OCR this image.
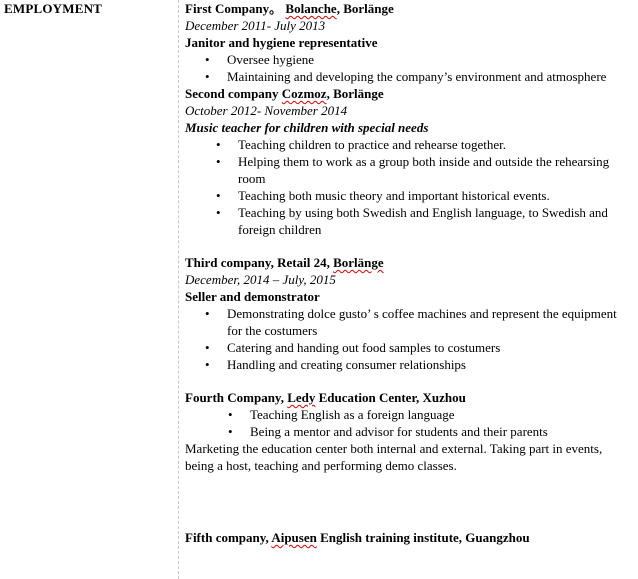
EMPLOYMENT	First Company。 Bolanche, Borlänge
December 2011- July 2013
Janitor and hygiene representative
• Oversee hygiene
• Maintaining and developing the company’s environment and atmosphere
Second company Cozmoz, Borlänge
October 2012- November 2014
Music teacher for children with special needs
• Teaching children to practice and rehearse together.
• Helping them to work as a group both inside and outside the rehearsing room
• Teaching both music theory and important historical events.
• Teaching by using both Swedish and English language, to Swedish and foreign children
Third company, Retail 24, Borlänge
December, 2014 – July, 2015
Seller and demonstrator
• Demonstrating dolce gusto’ s coffee machines and represent the equipment for the costumers
• Catering and handing out food samples to costumers
• Handling and creating consumer relationships
Fourth Company, Ledy Education Center, Xuzhou
• Teaching English as a foreign language
• Being a mentor and advisor for students and their parents

Marketing the education center both internal and external. Taking part in events, being a host, teaching and performing demo classes.

Fifth company, Aipusen English training institute, Guangzhou
